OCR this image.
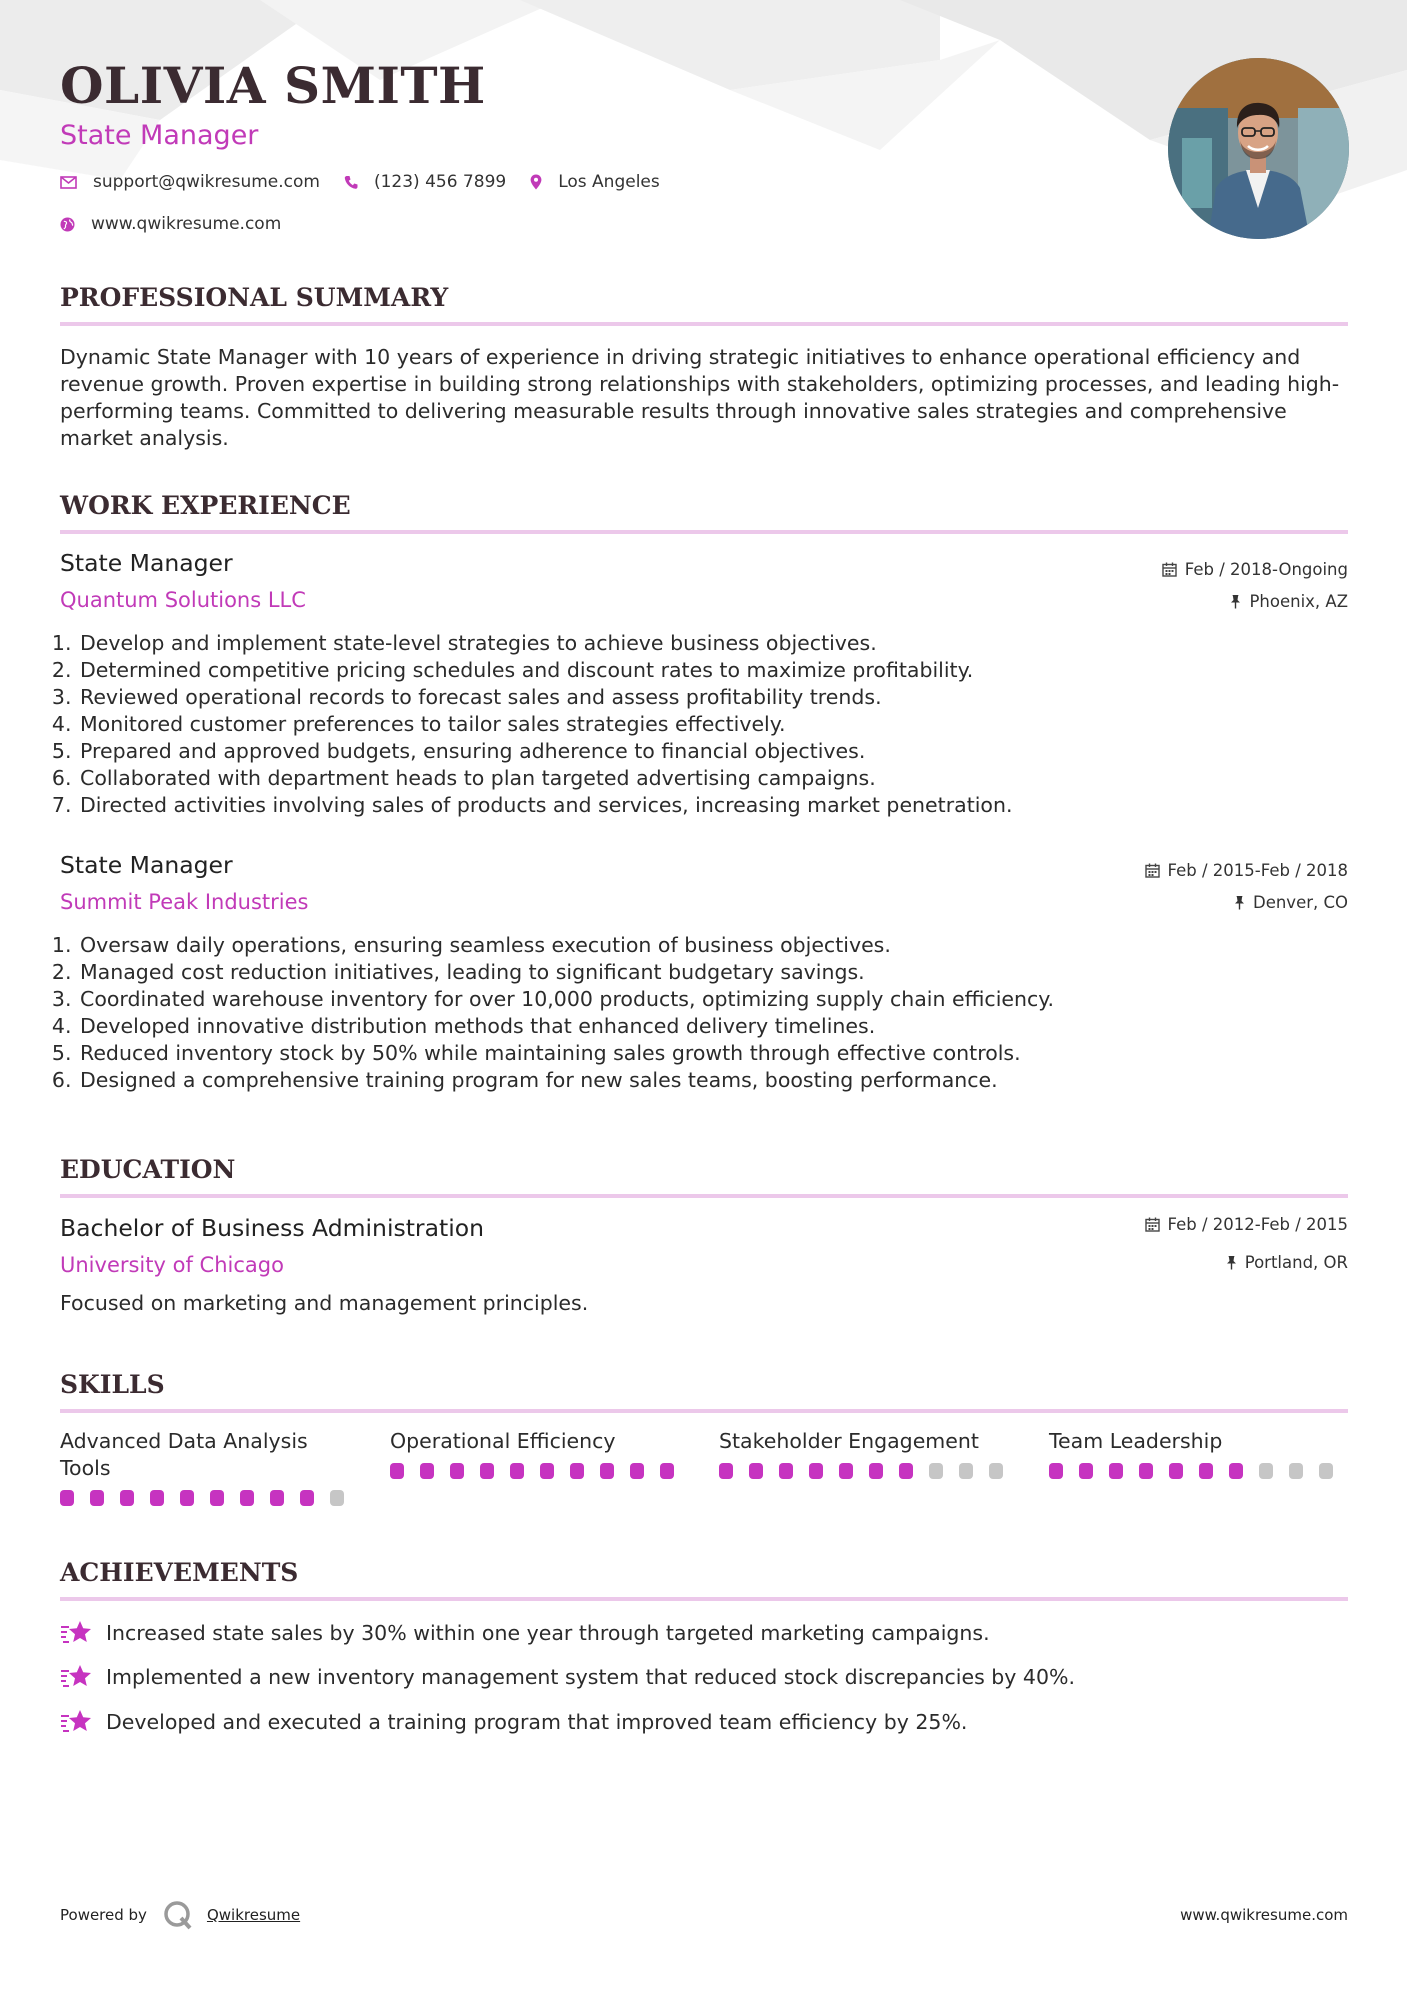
OLIVIA SMITH
State Manager
support@qwikresume.com	(123) 456 7899	Los Angeles
www.qwikresume.com
PROFESSIONAL SUMMARY

Dynamic State Manager with 10 years of experience in driving strategic initiatives to enhance operational efficiency and revenue growth. Proven expertise in building strong relationships with stakeholders, optimizing processes, and leading high-performing teams. Committed to delivering measurable results through innovative sales strategies and comprehensive market analysis.

WORK EXPERIENCE
State Manager
Quantum Solutions LLC
Feb / 2018-Ongoing
Phoenix, AZ
1. Develop and implement state-level strategies to achieve business objectives.
2. Determined competitive pricing schedules and discount rates to maximize profitability.
3. Reviewed operational records to forecast sales and assess profitability trends.
4. Monitored customer preferences to tailor sales strategies effectively.
5. Prepared and approved budgets, ensuring adherence to financial objectives.
6. Collaborated with department heads to plan targeted advertising campaigns.
7. Directed activities involving sales of products and services, increasing market penetration.
State Manager
Summit Peak Industries
Feb / 2015-Feb / 2018
Denver, CO
1. Oversaw daily operations, ensuring seamless execution of business objectives.
2. Managed cost reduction initiatives, leading to significant budgetary savings.
3. Coordinated warehouse inventory for over 10,000 products, optimizing supply chain efficiency.
4. Developed innovative distribution methods that enhanced delivery timelines.
5. Reduced inventory stock by 50% while maintaining sales growth through effective controls.
6. Designed a comprehensive training program for new sales teams, boosting performance.
EDUCATION
Bachelor of Business Administration
University of Chicago
Feb / 2012-Feb / 2015
Portland, OR

Focused on marketing and management principles.

SKILLS
Advanced Data Analysis Tools
Operational Efficiency	Stakeholder Engagement	Team Leadership
ACHIEVEMENTS
Increased state sales by 30% within one year through targeted marketing campaigns.
Implemented a new inventory management system that reduced stock discrepancies by 40%.
Developed and executed a training program that improved team efficiency by 25%.
Powered by	Qwikresume	www.qwikresume.com
